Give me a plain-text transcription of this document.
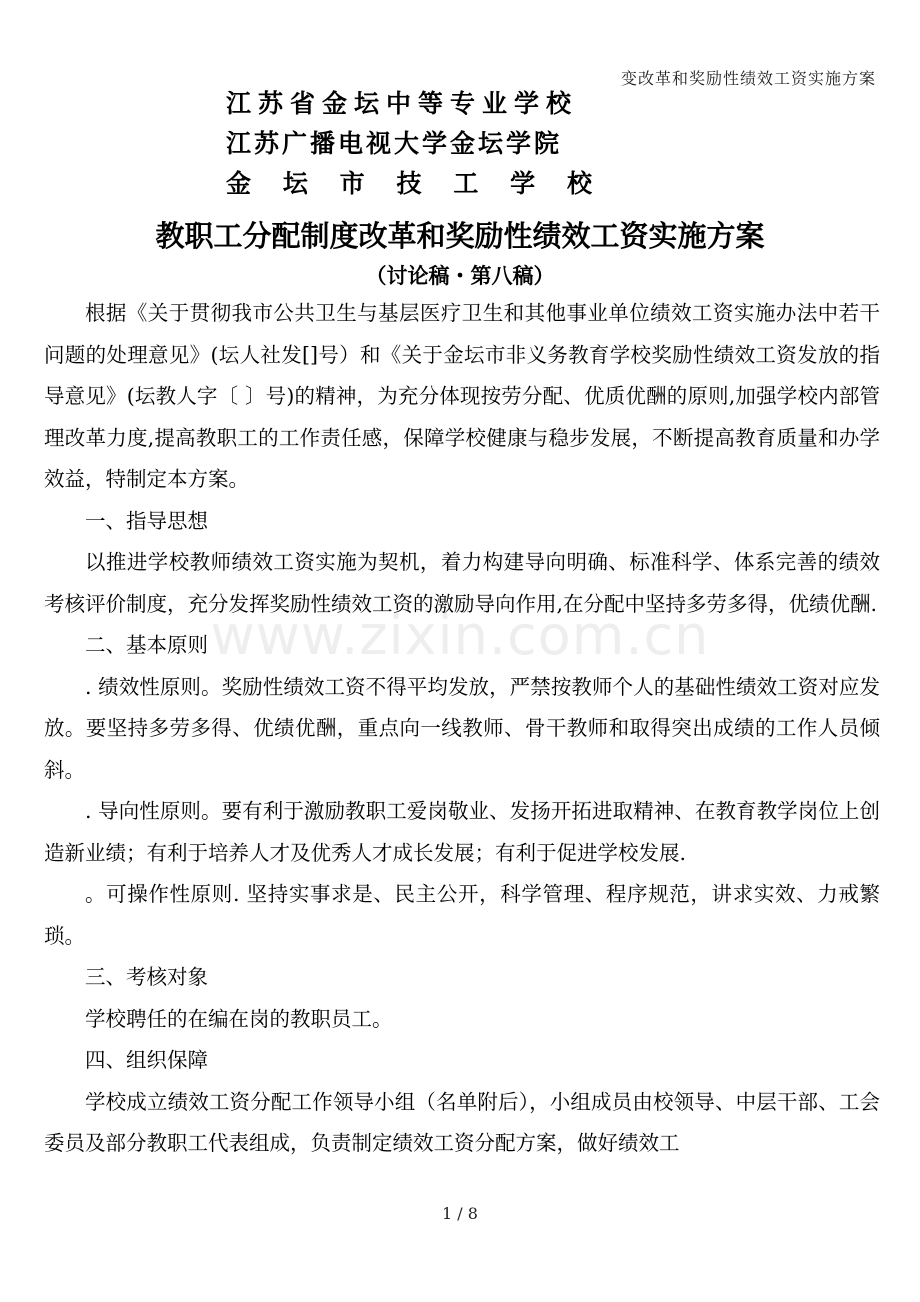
变改革和奖励性绩效工资实施方案
江苏省金坛中等专业学校
江苏广播电视大学金坛学院
金 坛 市 技 工 学 校
教职工分配制度改革和奖励性绩效工资实施方案
（讨论稿・第八稿）
www.zixin.com.cn

根据《关于贯彻我市公共卫生与基层医疗卫生和其他事业单位绩效工资实施办法中若干问题的处理意见》(坛人社发[]号）和《关于金坛市非义务教育学校奖励性绩效工资发放的指导意见》(坛教人字〔 〕号)的精神，为充分体现按劳分配、优质优酬的原则,加强学校内部管理改革力度,提高教职工的工作责任感，保障学校健康与稳步发展，不断提高教育质量和办学效益，特制定本方案。

一、指导思想

以推进学校教师绩效工资实施为契机，着力构建导向明确、标准科学、体系完善的绩效考核评价制度，充分发挥奖励性绩效工资的激励导向作用,在分配中坚持多劳多得，优绩优酬.

二、基本原则

. 绩效性原则。奖励性绩效工资不得平均发放，严禁按教师个人的基础性绩效工资对应发放。要坚持多劳多得、优绩优酬，重点向一线教师、骨干教师和取得突出成绩的工作人员倾斜。

. 导向性原则。要有利于激励教职工爱岗敬业、发扬开拓进取精神、在教育教学岗位上创造新业绩；有利于培养人才及优秀人才成长发展；有利于促进学校发展.

。可操作性原则. 坚持实事求是、民主公开，科学管理、程序规范，讲求实效、力戒繁琐。

三、考核对象

学校聘任的在编在岗的教职员工。

四、组织保障

学校成立绩效工资分配工作领导小组（名单附后），小组成员由校领导、中层干部、工会委员及部分教职工代表组成，负责制定绩效工资分配方案，做好绩效工

1 / 8
